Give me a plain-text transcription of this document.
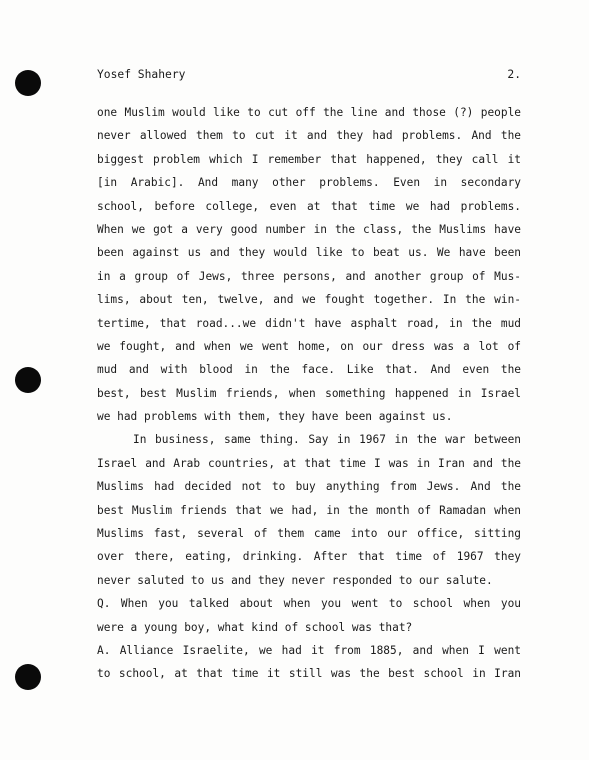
Yosef Shahery	2.
one Muslim would like to cut off the line and those (?) people
never allowed them to cut it and they had problems. And the
biggest problem which I remember that happened, they call it
[in Arabic]. And many other problems. Even in secondary
school, before college, even at that time we had problems.
When we got a very good number in the class, the Muslims have
been against us and they would like to beat us. We have been
in a group of Jews, three persons, and another group of Mus-
lims, about ten, twelve, and we fought together. In the win-
tertime, that road...we didn't have asphalt road, in the mud
we fought, and when we went home, on our dress was a lot of
mud and with blood in the face. Like that. And even the
best, best Muslim friends, when something happened in Israel
we had problems with them, they have been against us.
In business, same thing. Say in 1967 in the war between
Israel and Arab countries, at that time I was in Iran and the
Muslims had decided not to buy anything from Jews. And the
best Muslim friends that we had, in the month of Ramadan when
Muslims fast, several of them came into our office, sitting
over there, eating, drinking. After that time of 1967 they
never saluted to us and they never responded to our salute.
Q. When you talked about when you went to school when you
were a young boy, what kind of school was that?
A. Alliance Israelite, we had it from 1885, and when I went
to school, at that time it still was the best school in Iran
